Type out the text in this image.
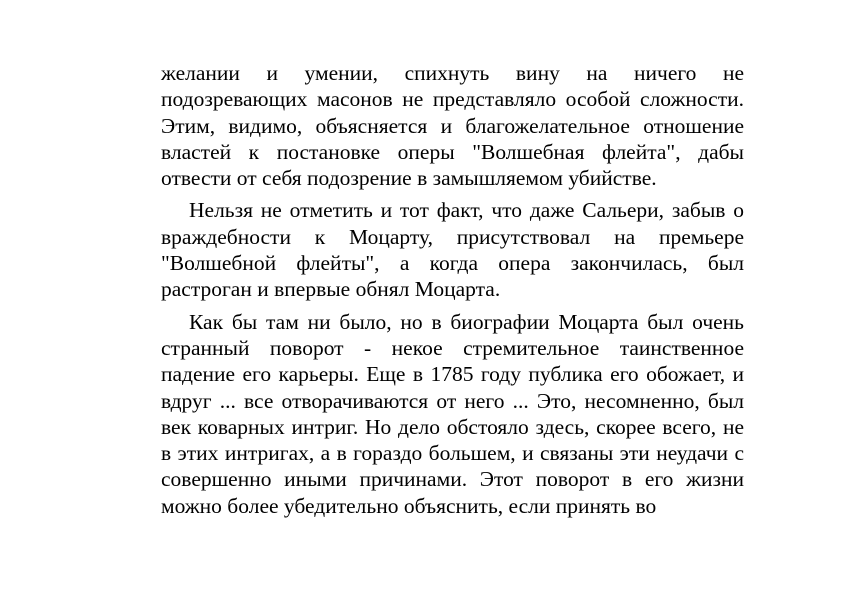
желании и умении, спихнуть вину на ничего не подозревающих масонов не представляло особой сложности. Этим, видимо, объясняется и благожелательное отношение властей к постановке оперы "Волшебная флейта", дабы отвести от себя подозрение в замышляемом убийстве.

Нельзя не отметить и тот факт, что даже Сальери, забыв о враждебности к Моцарту, присутствовал на премьере "Волшебной флейты", а когда опера закончилась, был растроган и впервые обнял Моцарта.

Как бы там ни было, но в биографии Моцарта был очень странный поворот - некое стремительное таинственное падение его карьеры. Еще в 1785 году публика его обожает, и вдруг ... все отворачиваются от него ... Это, несомненно, был век коварных интриг. Но дело обстояло здесь, скорее всего, не в этих интригах, а в гораздо большем, и связаны эти неудачи с совершенно иными причинами. Этот поворот в его жизни можно более убедительно объяснить, если принять во
